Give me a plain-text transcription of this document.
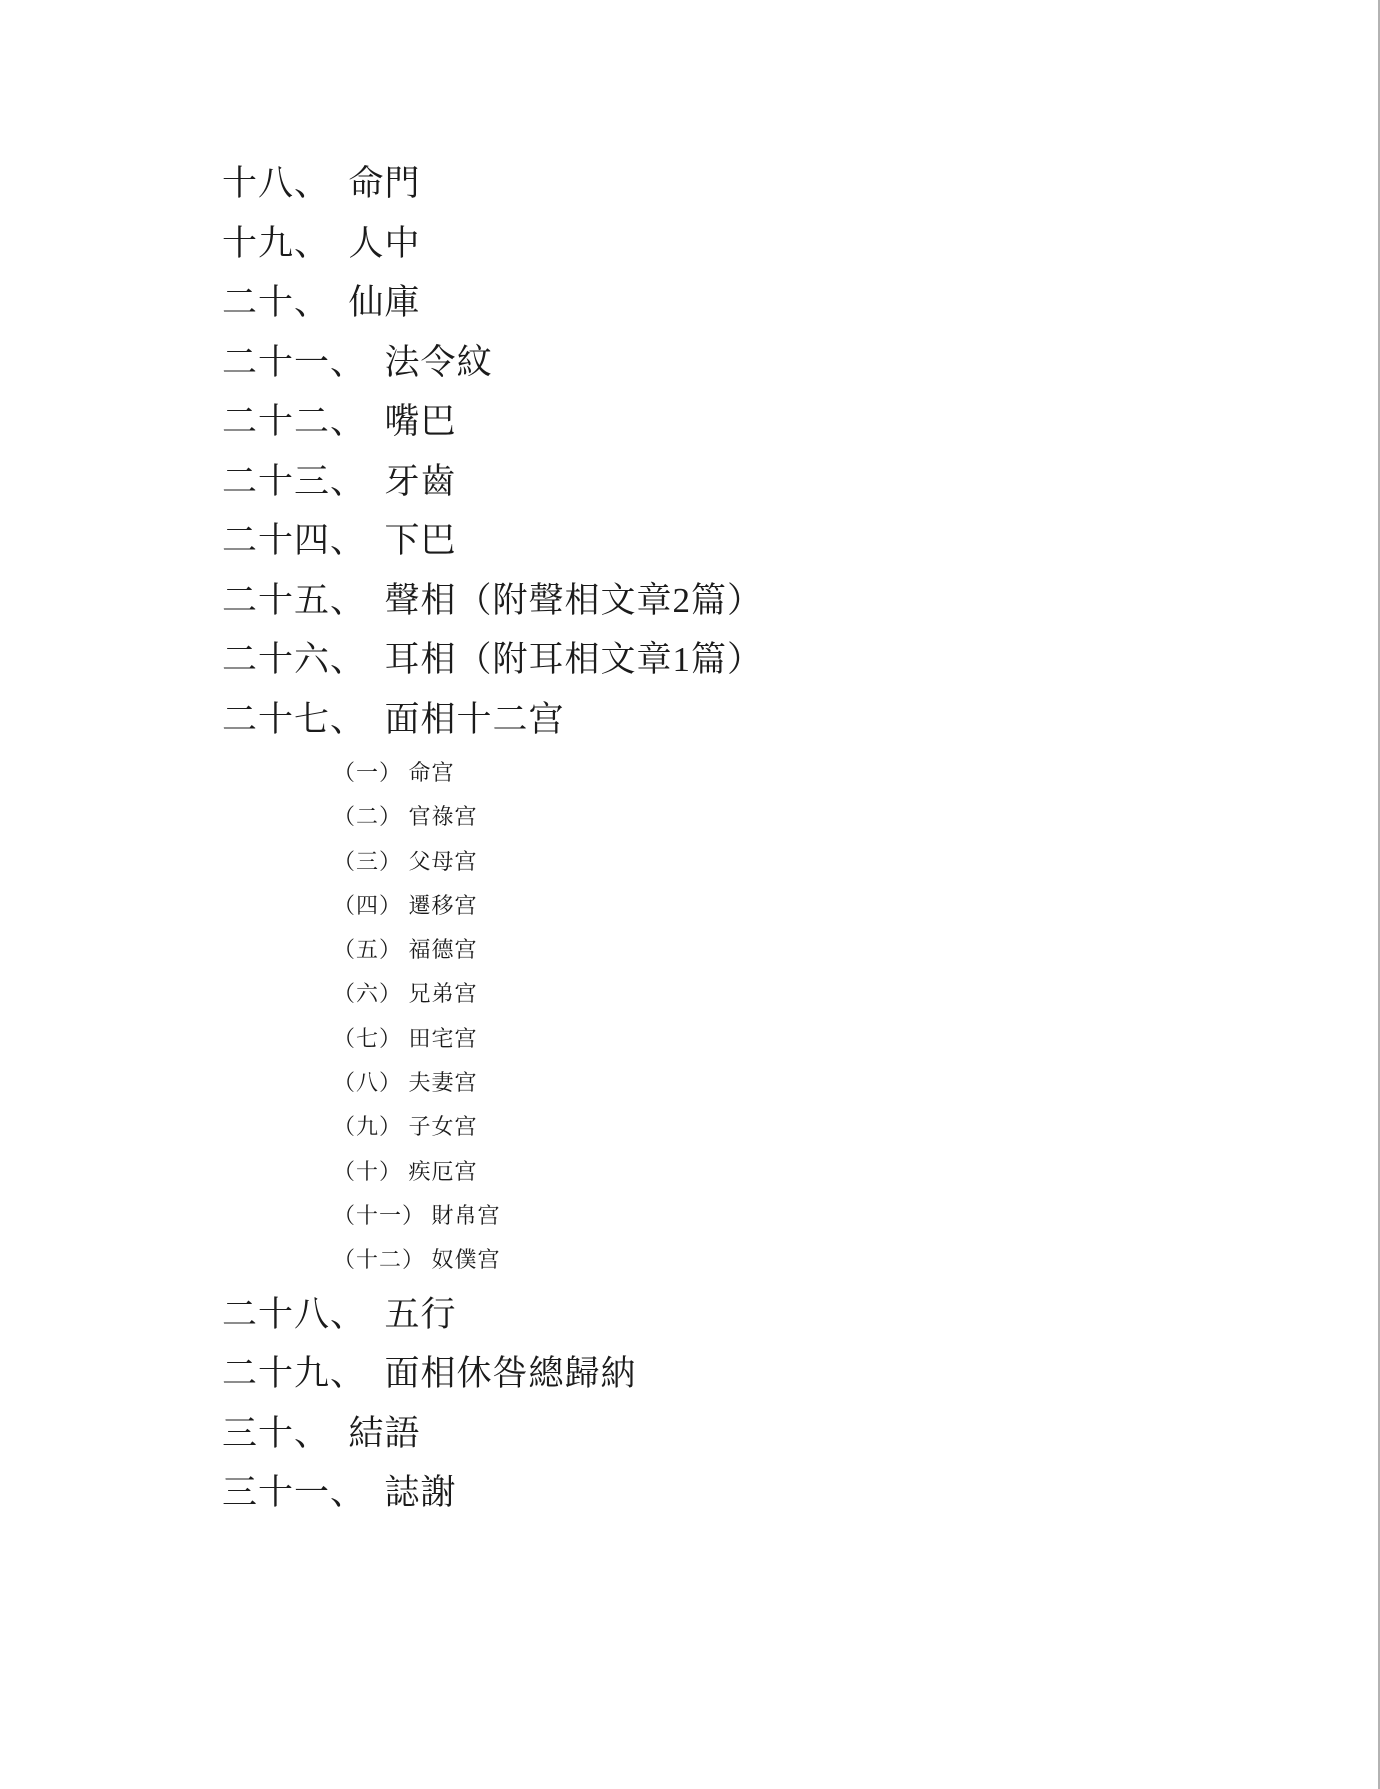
十八、　命門
十九、　人中
二十、　仙庫
二十一、　法令紋
二十二、　嘴巴
二十三、　牙齒
二十四、　下巴
二十五、　聲相（附聲相文章2篇）
二十六、　耳相（附耳相文章1篇）
二十七、　面相十二宫
（一） 命宫
（二） 官祿宫
（三） 父母宫
（四） 遷移宫
（五） 福德宫
（六） 兄弟宫
（七） 田宅宫
（八） 夫妻宫
（九） 子女宫
（十） 疾厄宫
（十一） 財帛宫
（十二） 奴僕宫
二十八、　五行
二十九、　面相休咎總歸納
三十、　結語
三十一、　誌謝
